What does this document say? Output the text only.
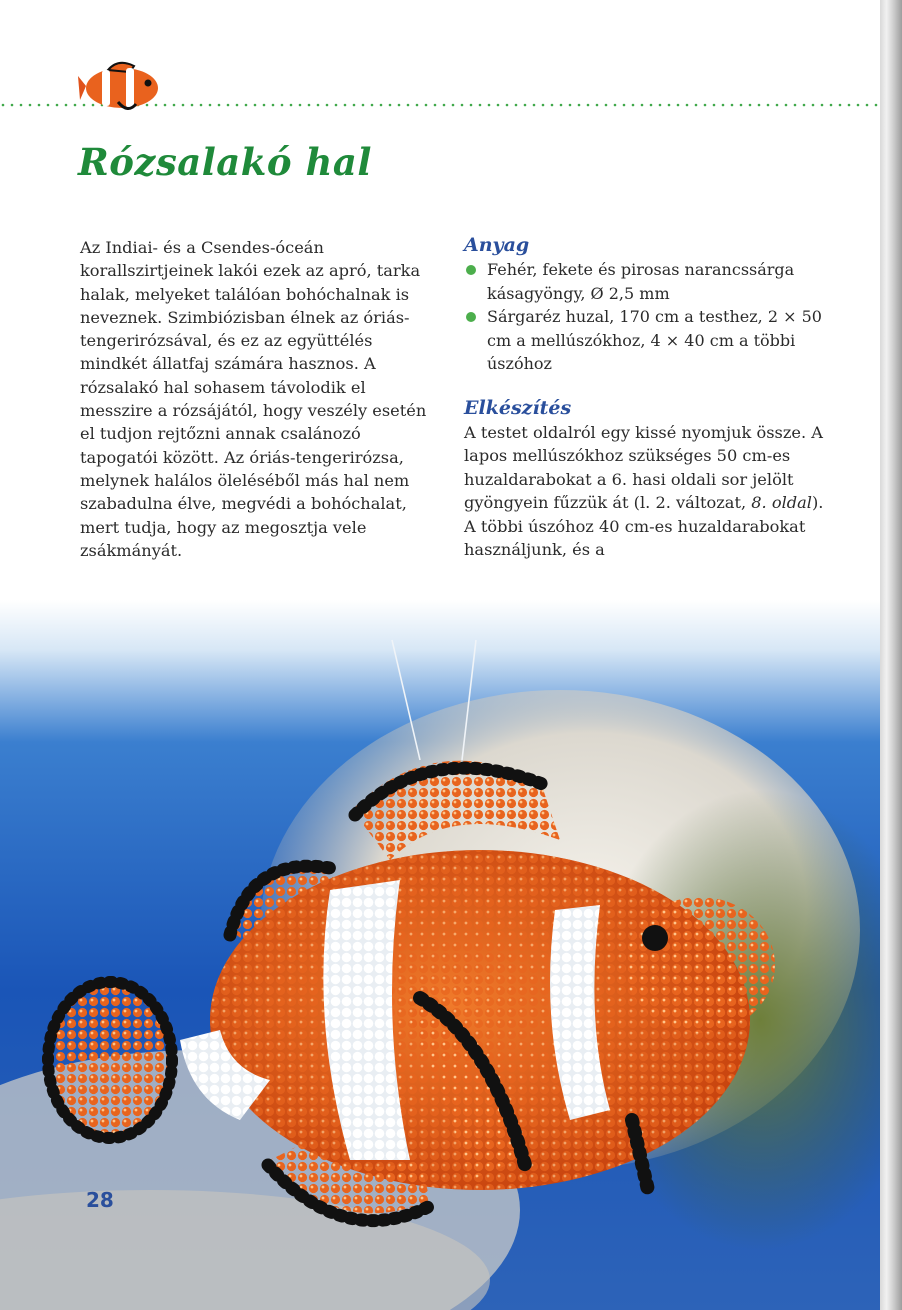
Rózsalakó hal

Az Indiai- és a Csendes-óceán korallszirtjeinek lakói ezek az apró, tarka halak, melyeket találóan bohóchalnak is neveznek. Szimbiózisban élnek az óriás-tengerirózsával, és ez az együttélés mindkét állatfaj számára hasznos. A rózsalakó hal sohasem távolodik el messzire a rózsájától, hogy veszély esetén el tudjon rejtőzni annak csalánozó tapogatói között. Az óriás-tengerirózsa, melynek halálos öleléséből más hal nem szabadulna élve, megvédi a bohóchalat, mert tudja, hogy az megosztja vele zsákmányát.

Anyag
Fehér, fekete és pirosas narancssárga kásagyöngy, Ø 2,5 mm
Sárgaréz huzal, 170 cm a testhez, 2 × 50 cm a mellúszókhoz, 4 × 40 cm a többi úszóhoz
Elkészítés

A testet oldalról egy kissé nyomjuk össze. A lapos mellúszókhoz szükséges 50 cm-es huzaldarabokat a 6. hasi oldali sor jelölt gyöngyein fűzzük át (l. 2. változat, 8. oldal). A többi úszóhoz 40 cm-es huzaldarabokat használjunk, és a

28
